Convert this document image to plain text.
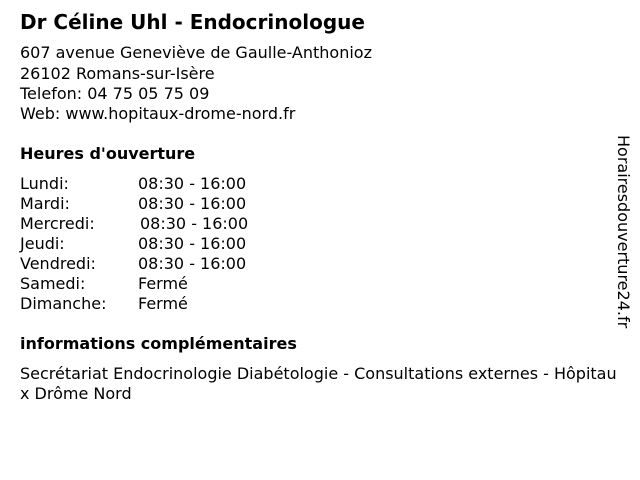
Dr Céline Uhl - Endocrinologue
607 avenue Geneviève de Gaulle-Anthonioz
26102 Romans-sur-Isère
Telefon: 04 75 05 75 09
Web: www.hopitaux-drome-nord.fr
Heures d'ouverture
Lundi:	08:30 - 16:00
Mardi:	08:30 - 16:00
Mercredi:	08:30 - 16:00
Jeudi:	08:30 - 16:00
Vendredi:	08:30 - 16:00
Samedi:	Fermé
Dimanche: Fermé
informations complémentaires
Secrétariat Endocrinologie Diabétologie - Consultations externes - Hôpitaux Drôme Nord
Horairesdouverture24.fr
